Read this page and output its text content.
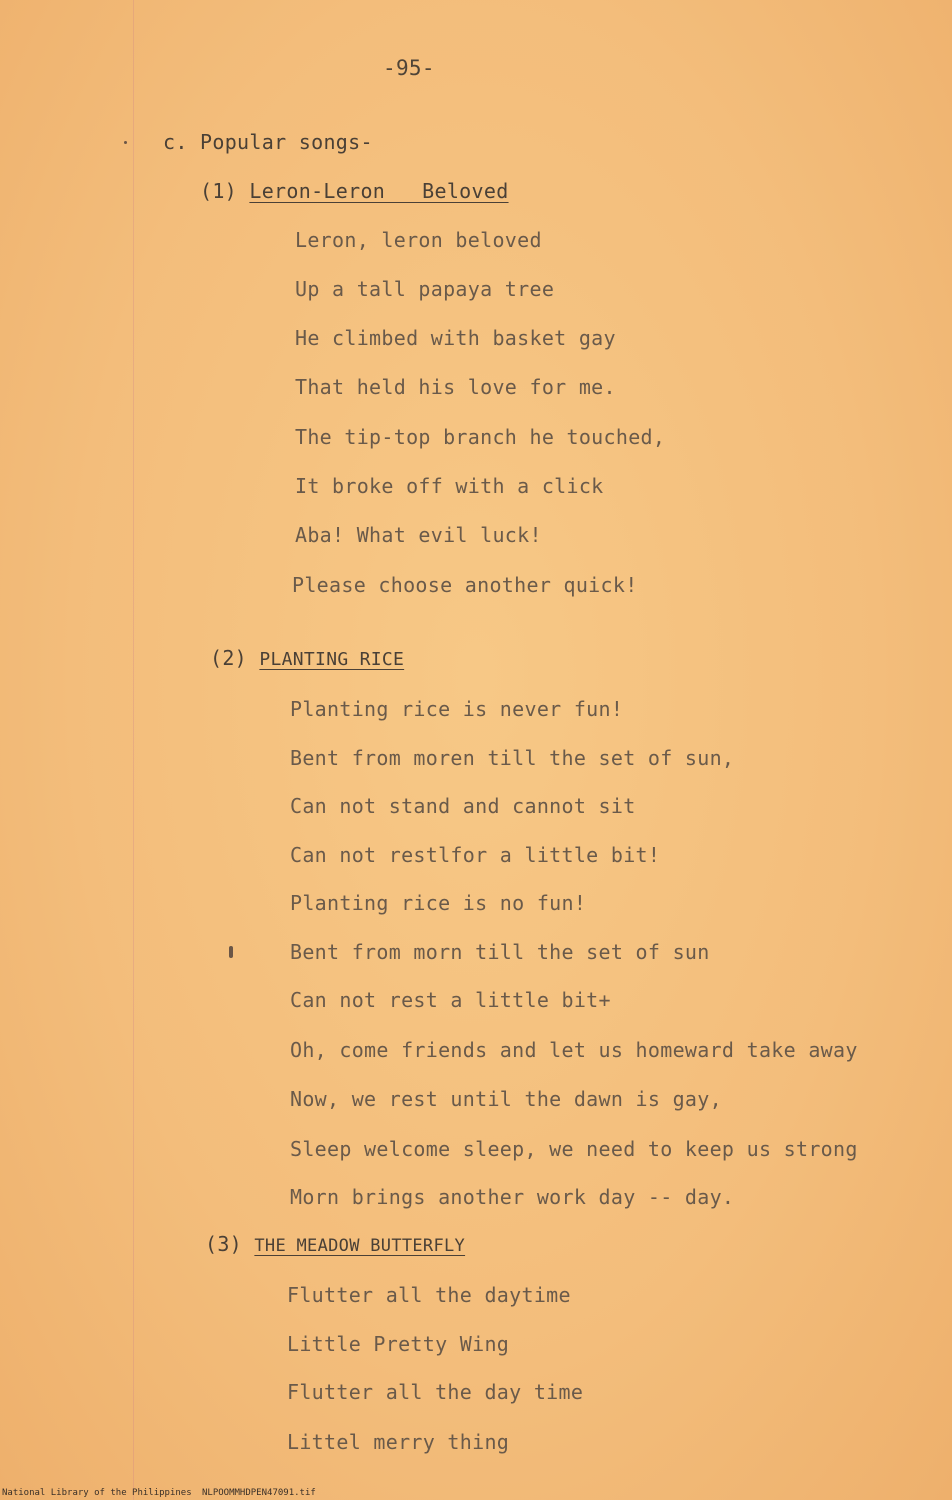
-95-
c. Popular songs-
(1) Leron-Leron   Beloved
Leron, leron beloved
Up a tall papaya tree
He climbed with basket gay
That held his love for me.
The tip-top branch he touched,
It broke off with a click
Aba! What evil luck!
Please choose another quick!
(2) PLANTING RICE
Planting rice is never fun!
Bent from moren till the set of sun,
Can not stand and cannot sit
Can not restlfor a little bit!
Planting rice is no fun!
Bent from morn till the set of sun
Can not rest a little bit+
Oh, come friends and let us homeward take away
Now, we rest until the dawn is gay,
Sleep welcome sleep, we need to keep us strong
Morn brings another work day -- day.
(3) THE MEADOW BUTTERFLY
Flutter all the daytime
Little Pretty Wing
Flutter all the day time
Littel merry thing
National Library of the Philippines NLPOOMMHDPEN47091.tif
